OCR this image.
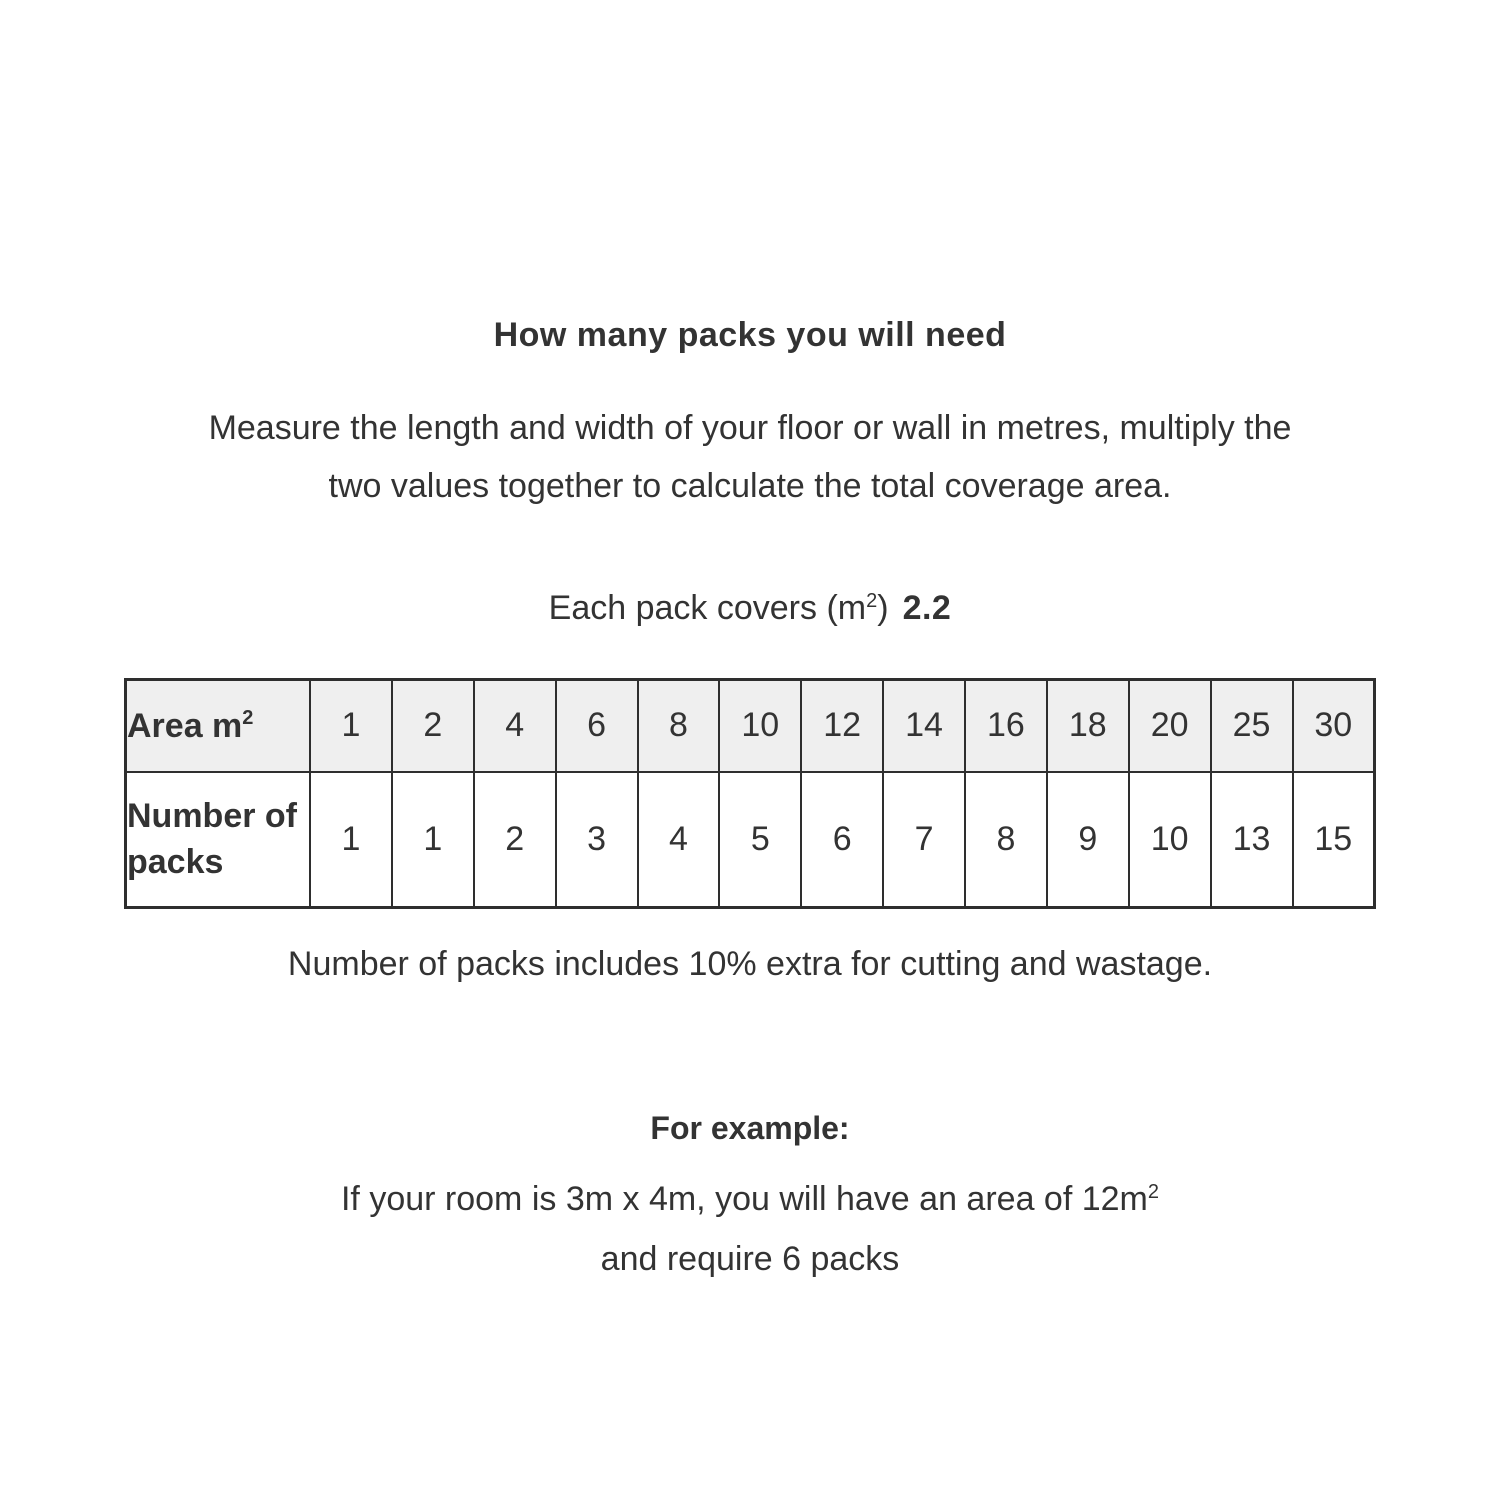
How many packs you will need

Measure the length and width of your floor or wall in metres, multiply the
two values together to calculate the total coverage area.

Each pack covers $(m^2)$ 2.2
Area $m^2$	1	2	4	6	8	10	12	14	16	18	20	25	30
Number of packs	1	1	2	3	4	5	6	7	8	9	10	13	15

Number of packs includes 10% extra for cutting and wastage.

For example:

If your room is 3m x 4m, you will have an area of $12m^2$

and require 6 packs
